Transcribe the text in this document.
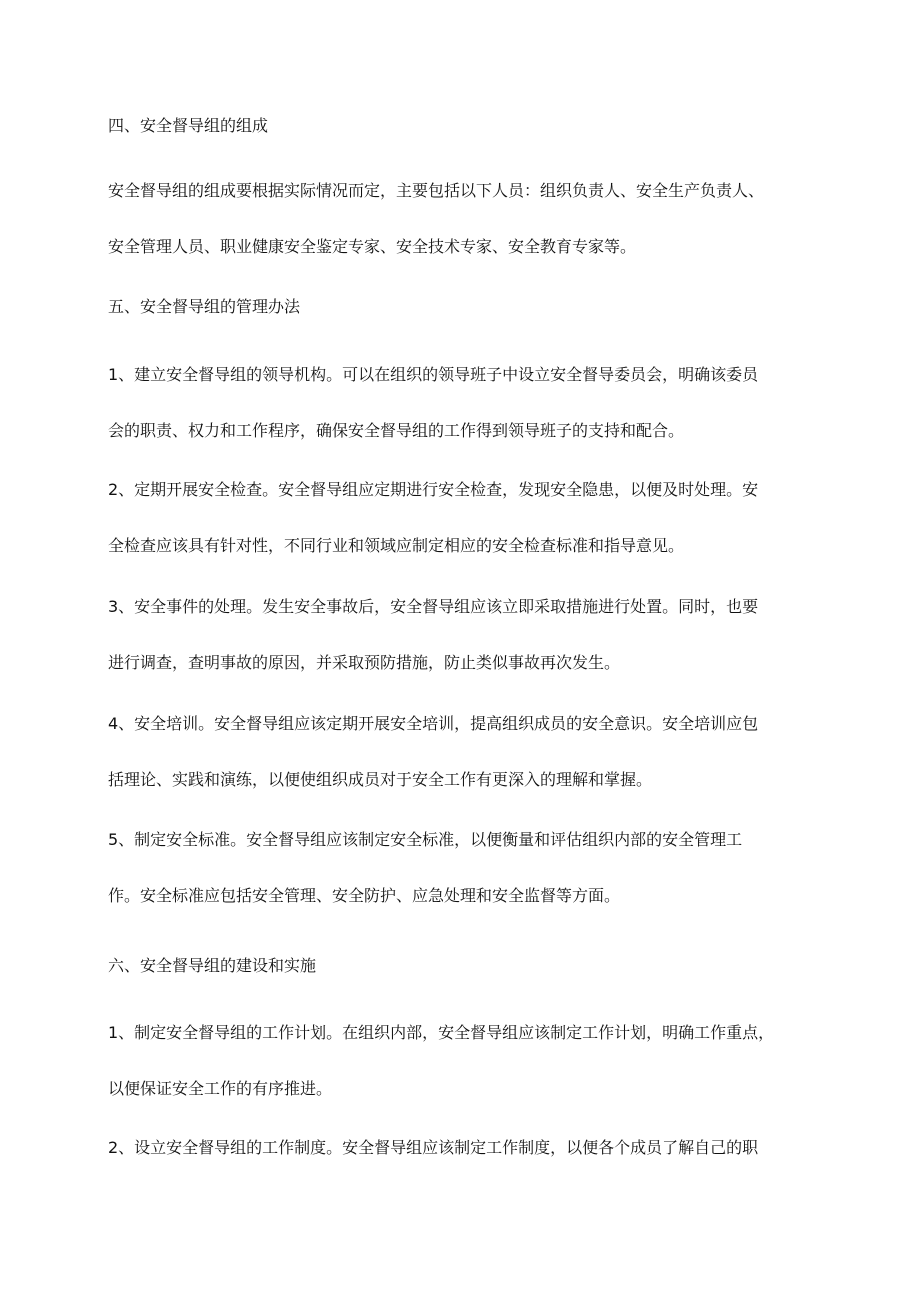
四、安全督导组的组成
安全督导组的组成要根据实际情况而定，主要包括以下人员：组织负责人、安全生产负责人、
安全管理人员、职业健康安全鉴定专家、安全技术专家、安全教育专家等。
五、安全督导组的管理办法
1、建立安全督导组的领导机构。可以在组织的领导班子中设立安全督导委员会，明确该委员
会的职责、权力和工作程序，确保安全督导组的工作得到领导班子的支持和配合。
2、定期开展安全检查。安全督导组应定期进行安全检查，发现安全隐患，以便及时处理。安
全检查应该具有针对性，不同行业和领域应制定相应的安全检查标准和指导意见。
3、安全事件的处理。发生安全事故后，安全督导组应该立即采取措施进行处置。同时，也要
进行调查，查明事故的原因，并采取预防措施，防止类似事故再次发生。
4、安全培训。安全督导组应该定期开展安全培训，提高组织成员的安全意识。安全培训应包
括理论、实践和演练，以便使组织成员对于安全工作有更深入的理解和掌握。
5、制定安全标准。安全督导组应该制定安全标准，以便衡量和评估组织内部的安全管理工
作。安全标准应包括安全管理、安全防护、应急处理和安全监督等方面。
六、安全督导组的建设和实施
1、制定安全督导组的工作计划。在组织内部，安全督导组应该制定工作计划，明确工作重点，
以便保证安全工作的有序推进。
2、设立安全督导组的工作制度。安全督导组应该制定工作制度，以便各个成员了解自己的职
